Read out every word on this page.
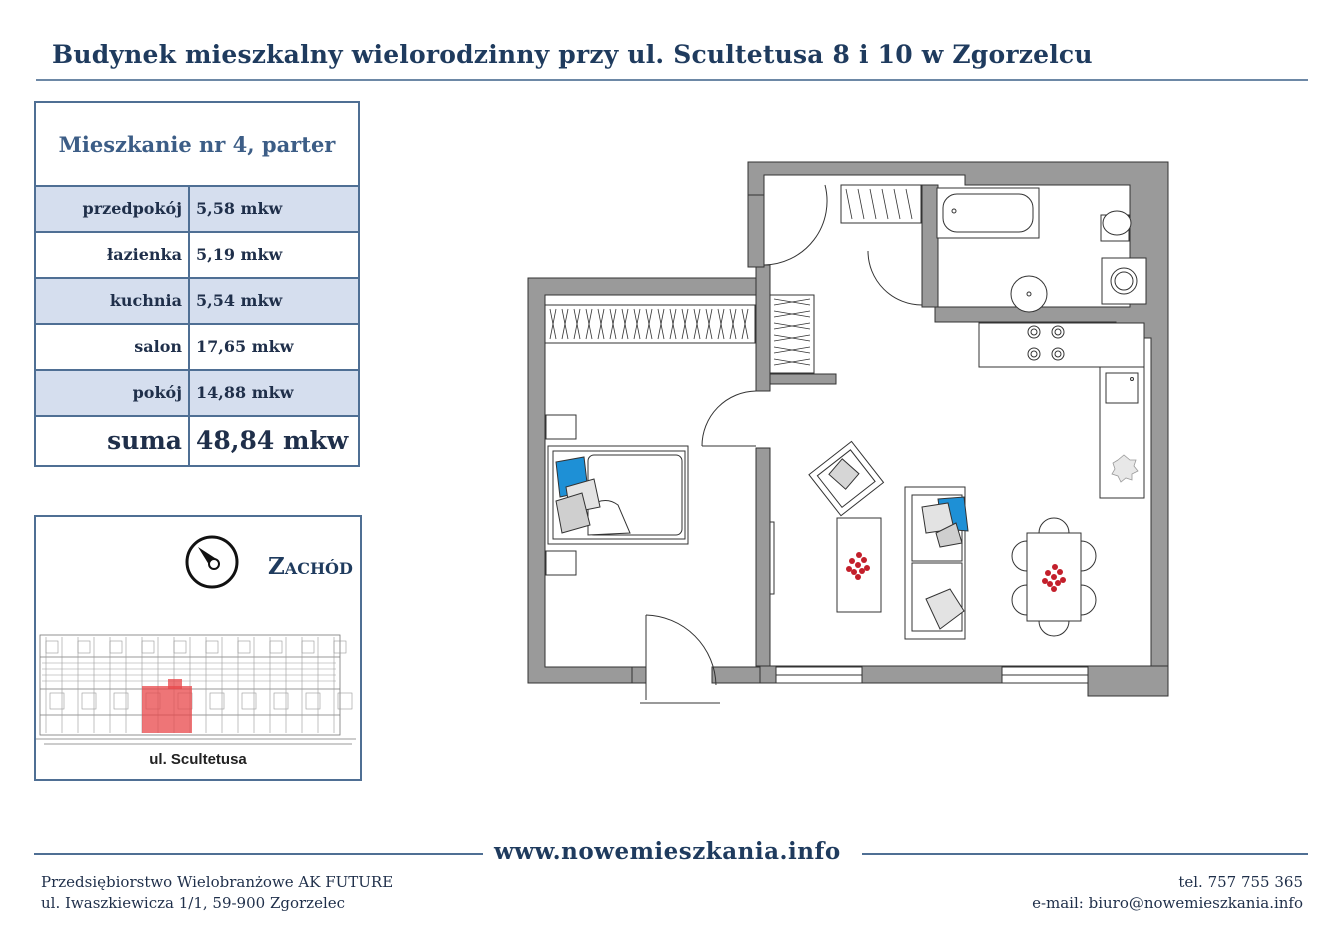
Budynek mieszkalny wielorodzinny przy ul. Scultetusa 8 i 10 w Zgorzelcu
Mieszkanie nr 4, parter
przedpokój 5,58 mkw
łazienka 5,19 mkw
kuchnia 5,54 mkw
salon 17,65 mkw
pokój 14,88 mkw
suma 48,84 mkw
Zachód
ul. Scultetusa
www.nowemieszkania.info
Przedsiębiorstwo Wielobranżowe AK FUTURE
ul. Iwaszkiewicza 1/1, 59-900 Zgorzelec
tel. 757 755 365
e-mail: biuro@nowemieszkania.info
